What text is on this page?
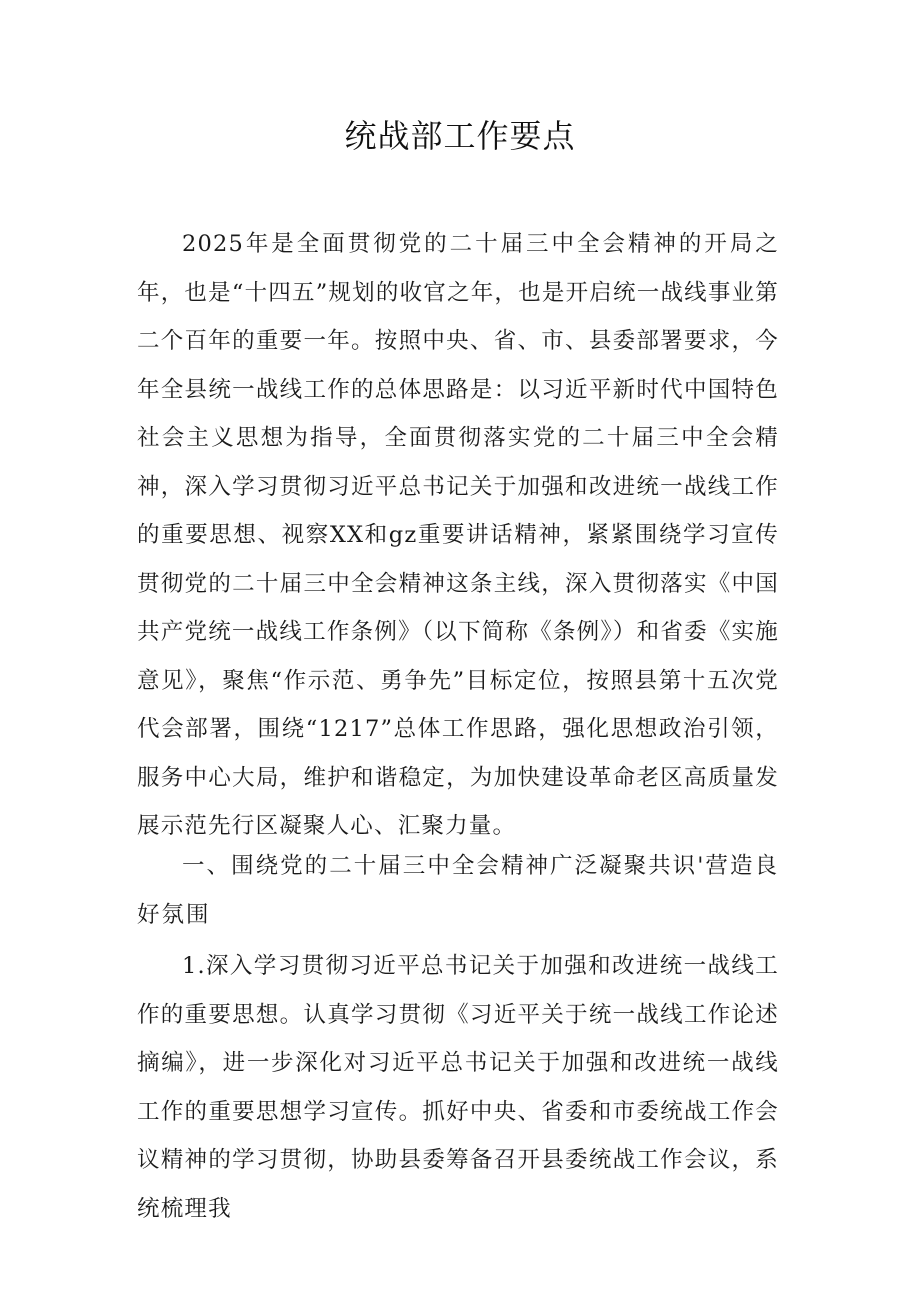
统战部工作要点

2025年是全面贯彻党的二十届三中全会精神的开局之年，也是“十四五”规划的收官之年，也是开启统一战线事业第二个百年的重要一年。按照中央、省、市、县委部署要求，今年全县统一战线工作的总体思路是：以习近平新时代中国特色社会主义思想为指导，全面贯彻落实党的二十届三中全会精神，深入学习贯彻习近平总书记关于加强和改进统一战线工作的重要思想、视察XX和gz重要讲话精神，紧紧围绕学习宣传贯彻党的二十届三中全会精神这条主线，深入贯彻落实《中国共产党统一战线工作条例》（以下简称《条例》）和省委《实施意见》，聚焦“作示范、勇争先”目标定位，按照县第十五次党代会部署，围绕“1217”总体工作思路，强化思想政治引领，服务中心大局，维护和谐稳定，为加快建设革命老区高质量发展示范先行区凝聚人心、汇聚力量。

一、围绕党的二十届三中全会精神广泛凝聚共识'营造良好氛围

1.深入学习贯彻习近平总书记关于加强和改进统一战线工作的重要思想。认真学习贯彻《习近平关于统一战线工作论述摘编》，进一步深化对习近平总书记关于加强和改进统一战线工作的重要思想学习宣传。抓好中央、省委和市委统战工作会议精神的学习贯彻，协助县委筹备召开县委统战工作会议，系统梳理我
